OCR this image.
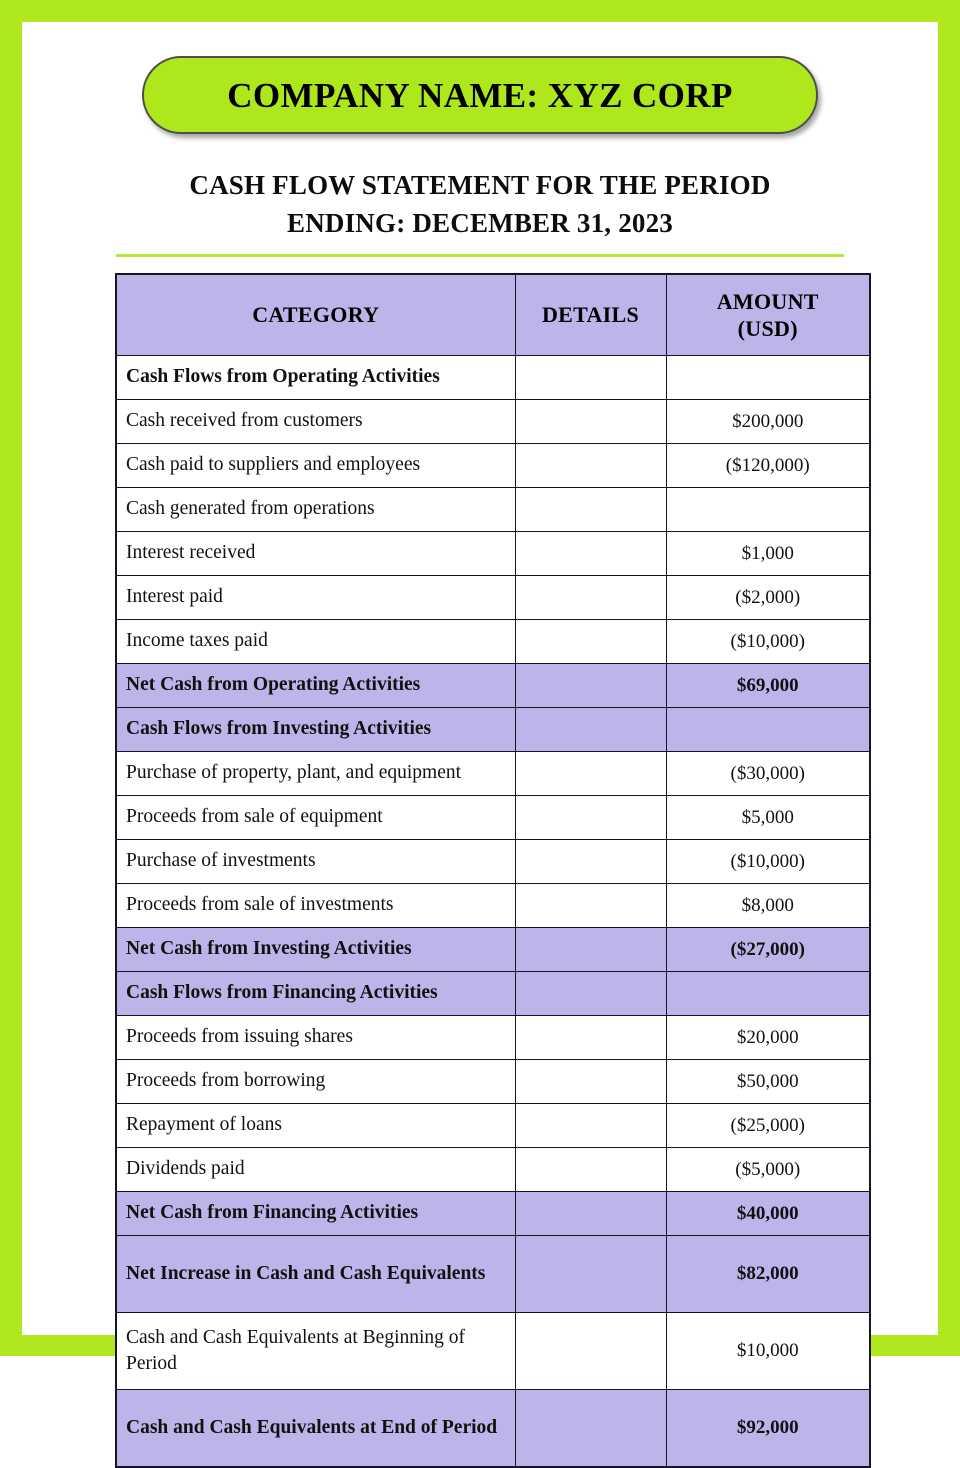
COMPANY NAME: XYZ CORP
CASH FLOW STATEMENT FOR THE PERIOD
ENDING: DECEMBER 31, 2023
CATEGORY	DETAILS	AMOUNT
(USD)

Cash Flows from Operating Activities		
Cash received from customers		$200,000
Cash paid to suppliers and employees		($120,000)
Cash generated from operations		
Interest received		$1,000
Interest paid		($2,000)
Income taxes paid		($10,000)
Net Cash from Operating Activities		$69,000
Cash Flows from Investing Activities		
Purchase of property, plant, and equipment		($30,000)
Proceeds from sale of equipment		$5,000
Purchase of investments		($10,000)
Proceeds from sale of investments		$8,000
Net Cash from Investing Activities		($27,000)
Cash Flows from Financing Activities		
Proceeds from issuing shares		$20,000
Proceeds from borrowing		$50,000
Repayment of loans		($25,000)
Dividends paid		($5,000)
Net Cash from Financing Activities		$40,000
Net Increase in Cash and Cash Equivalents		$82,000
Cash and Cash Equivalents at Beginning of Period		$10,000
Cash and Cash Equivalents at End of Period		$92,000
